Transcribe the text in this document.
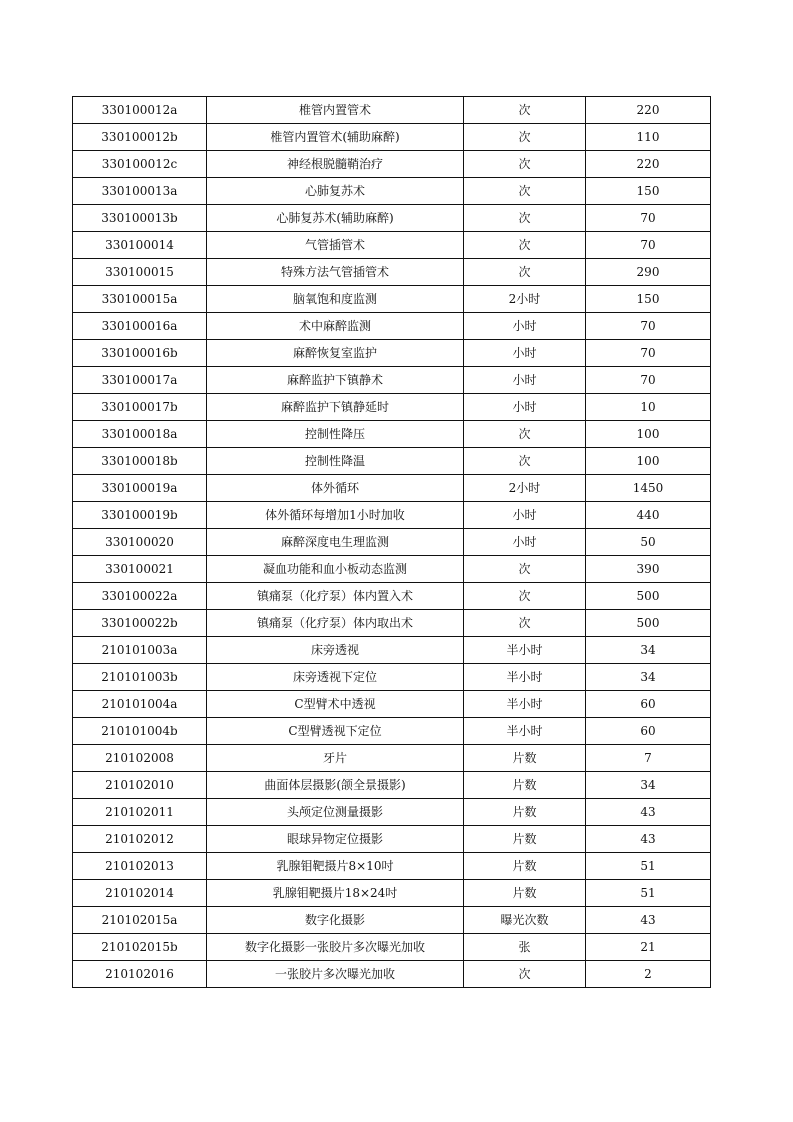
330100012a	椎管内置管术	次	220
330100012b	椎管内置管术(辅助麻醉)	次	110
330100012c	神经根脱髓鞘治疗	次	220
330100013a	心肺复苏术	次	150
330100013b	心肺复苏术(辅助麻醉)	次	70
330100014	气管插管术	次	70
330100015	特殊方法气管插管术	次	290
330100015a	脑氧饱和度监测	2小时	150
330100016a	术中麻醉监测	小时	70
330100016b	麻醉恢复室监护	小时	70
330100017a	麻醉监护下镇静术	小时	70
330100017b	麻醉监护下镇静延时	小时	10
330100018a	控制性降压	次	100
330100018b	控制性降温	次	100
330100019a	体外循环	2小时	1450
330100019b	体外循环每增加1小时加收	小时	440
330100020	麻醉深度电生理监测	小时	50
330100021	凝血功能和血小板动态监测	次	390
330100022a	镇痛泵（化疗泵）体内置入术	次	500
330100022b	镇痛泵（化疗泵）体内取出术	次	500
210101003a	床旁透视	半小时	34
210101003b	床旁透视下定位	半小时	34
210101004a	C型臂术中透视	半小时	60
210101004b	C型臂透视下定位	半小时	60
210102008	牙片	片数	7
210102010	曲面体层摄影(颌全景摄影)	片数	34
210102011	头颅定位测量摄影	片数	43
210102012	眼球异物定位摄影	片数	43
210102013	乳腺钼靶摄片8×10吋	片数	51
210102014	乳腺钼靶摄片18×24吋	片数	51
210102015a	数字化摄影	曝光次数	43
210102015b	数字化摄影一张胶片多次曝光加收	张	21
210102016	一张胶片多次曝光加收	次	2
